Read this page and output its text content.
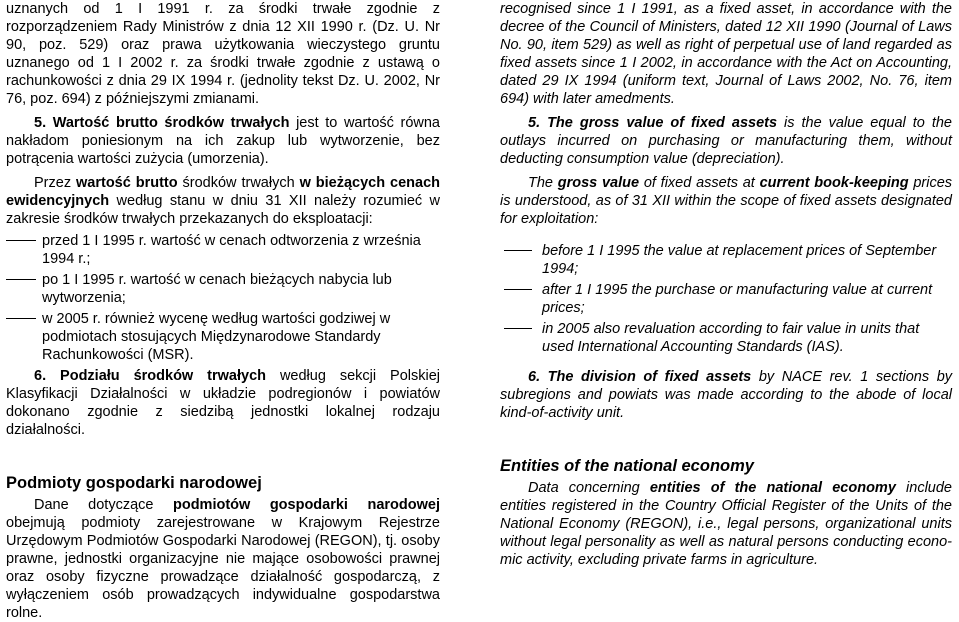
uznanych od 1 I 1991 r. za środki trwałe zgodnie z rozporządzeniem Rady Ministrów z dnia 12 XII 1990 r. (Dz. U. Nr 90, poz. 529) oraz prawa użytkowania wieczystego gruntu uznanego od 1 I 2002 r. za środki trwałe zgodnie z ustawą o rachunkowości z dnia 29 IX 1994 r. (jednolity tekst Dz. U. 2002, Nr 76, poz. 694) z późniejszymi zmianami.

5. Wartość brutto środków trwałych jest to wartość równa nakładom poniesionym na ich zakup lub wytworzenie, bez potrącenia wartości zużycia (umorzenia).

Przez wartość brutto środków trwałych w bieżących cenach ewidencyjnych według stanu w dniu 31 XII należy rozumieć w zakresie środków trwałych przekazanych do eksploatacji:

przed 1 I 1995 r. wartość w cenach odtworzenia z września 1994 r.;
po 1 I 1995 r. wartość w cenach bieżących nabycia lub wytworzenia;
w 2005 r. również wycenę według wartości godziwej w podmiotach stosujących Międzynarodowe Standardy Rachunkowości (MSR).

6. Podziału środków trwałych według sekcji Polskiej Klasyfikacji Działalności w układzie podregionów i powiatów dokonano zgodnie z siedzibą jednostki lokalnej rodzaju działalności.

Podmioty gospodarki narodowej

Dane dotyczące podmiotów gospodarki narodowej obejmują podmioty zarejestrowane w Krajowym Rejestrze Urzędowym Podmiotów Gospodarki Narodowej (REGON), tj. osoby prawne, jednostki organizacyjne nie mające osobowości prawnej oraz osoby fizyczne prowadzące działalność gospodarczą, z wyłączeniem osób prowadzących indywidualne gospodarstwa rolne.

recognised since 1 I 1991, as a fixed asset, in accordance with the decree of the Council of Ministers, dated 12 XII 1990 (Journal of Laws No. 90, item 529) as well as right of perpetual use of land regarded as fixed assets since 1 I 2002, in accordance with the Act on Accounting, dated 29 IX 1994 (uniform text, Journal of Laws 2002, No. 76, item 694) with later amedments.

5. The gross value of fixed assets is the value equal to the outlays incurred on purchasing or manufacturing them, without deducting consumption value (depreciation).

The gross value of fixed assets at current book-keeping prices is understood, as of 31 XII within the scope of fixed assets designated for exploitation:

before 1 I 1995 the value at replacement prices of September 1994;
after 1 I 1995 the purchase or manufacturing value at current prices;
in 2005 also revaluation according to fair value in units that used International Accounting Standards (IAS).

6. The division of fixed assets by NACE rev. 1 sections by subregions and powiats was made according to the abode of local kind-of-activity unit.

Entities of the national economy

Data concerning entities of the national economy include entities registered in the Country Official Register of the Units of the National Economy (REGON), i.e., legal persons, organizational units without legal personality as well as natural persons conducting econo-mic activity, excluding private farms in agriculture.
